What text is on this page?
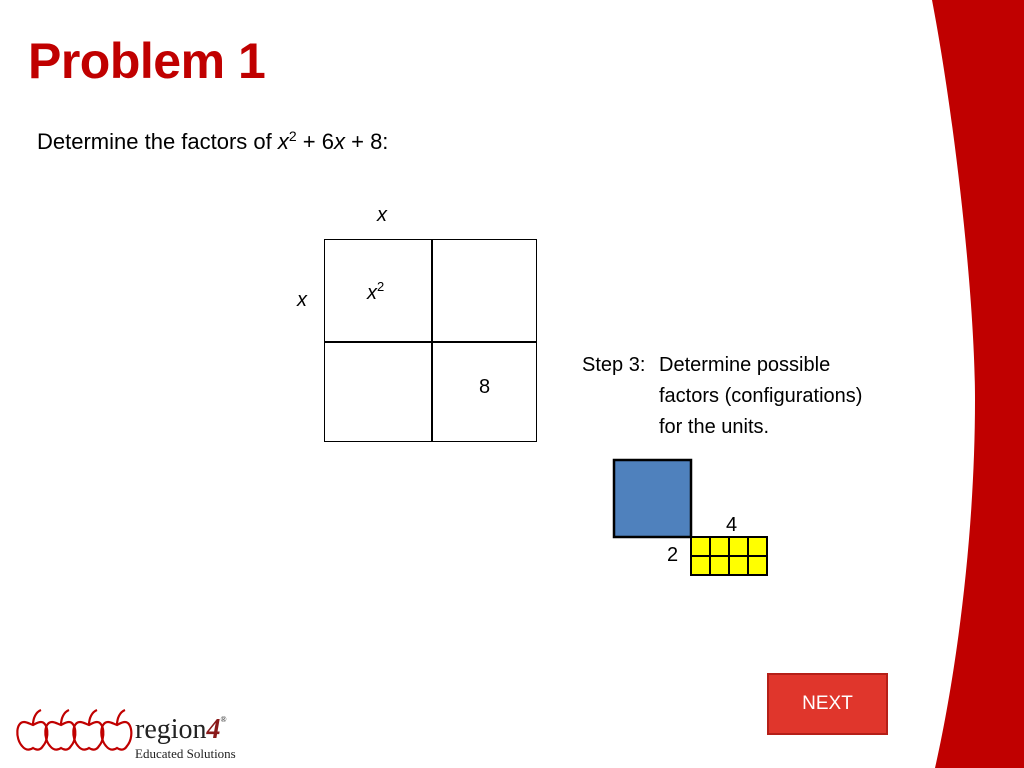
Problem 1
Determine the factors of $x^2 + 6x + 8$:
x
x	$x^2$
8
Step 3: Determine possible
factors (configurations)
for the units.
4
2
NEXT
region4®
Educated Solutions
